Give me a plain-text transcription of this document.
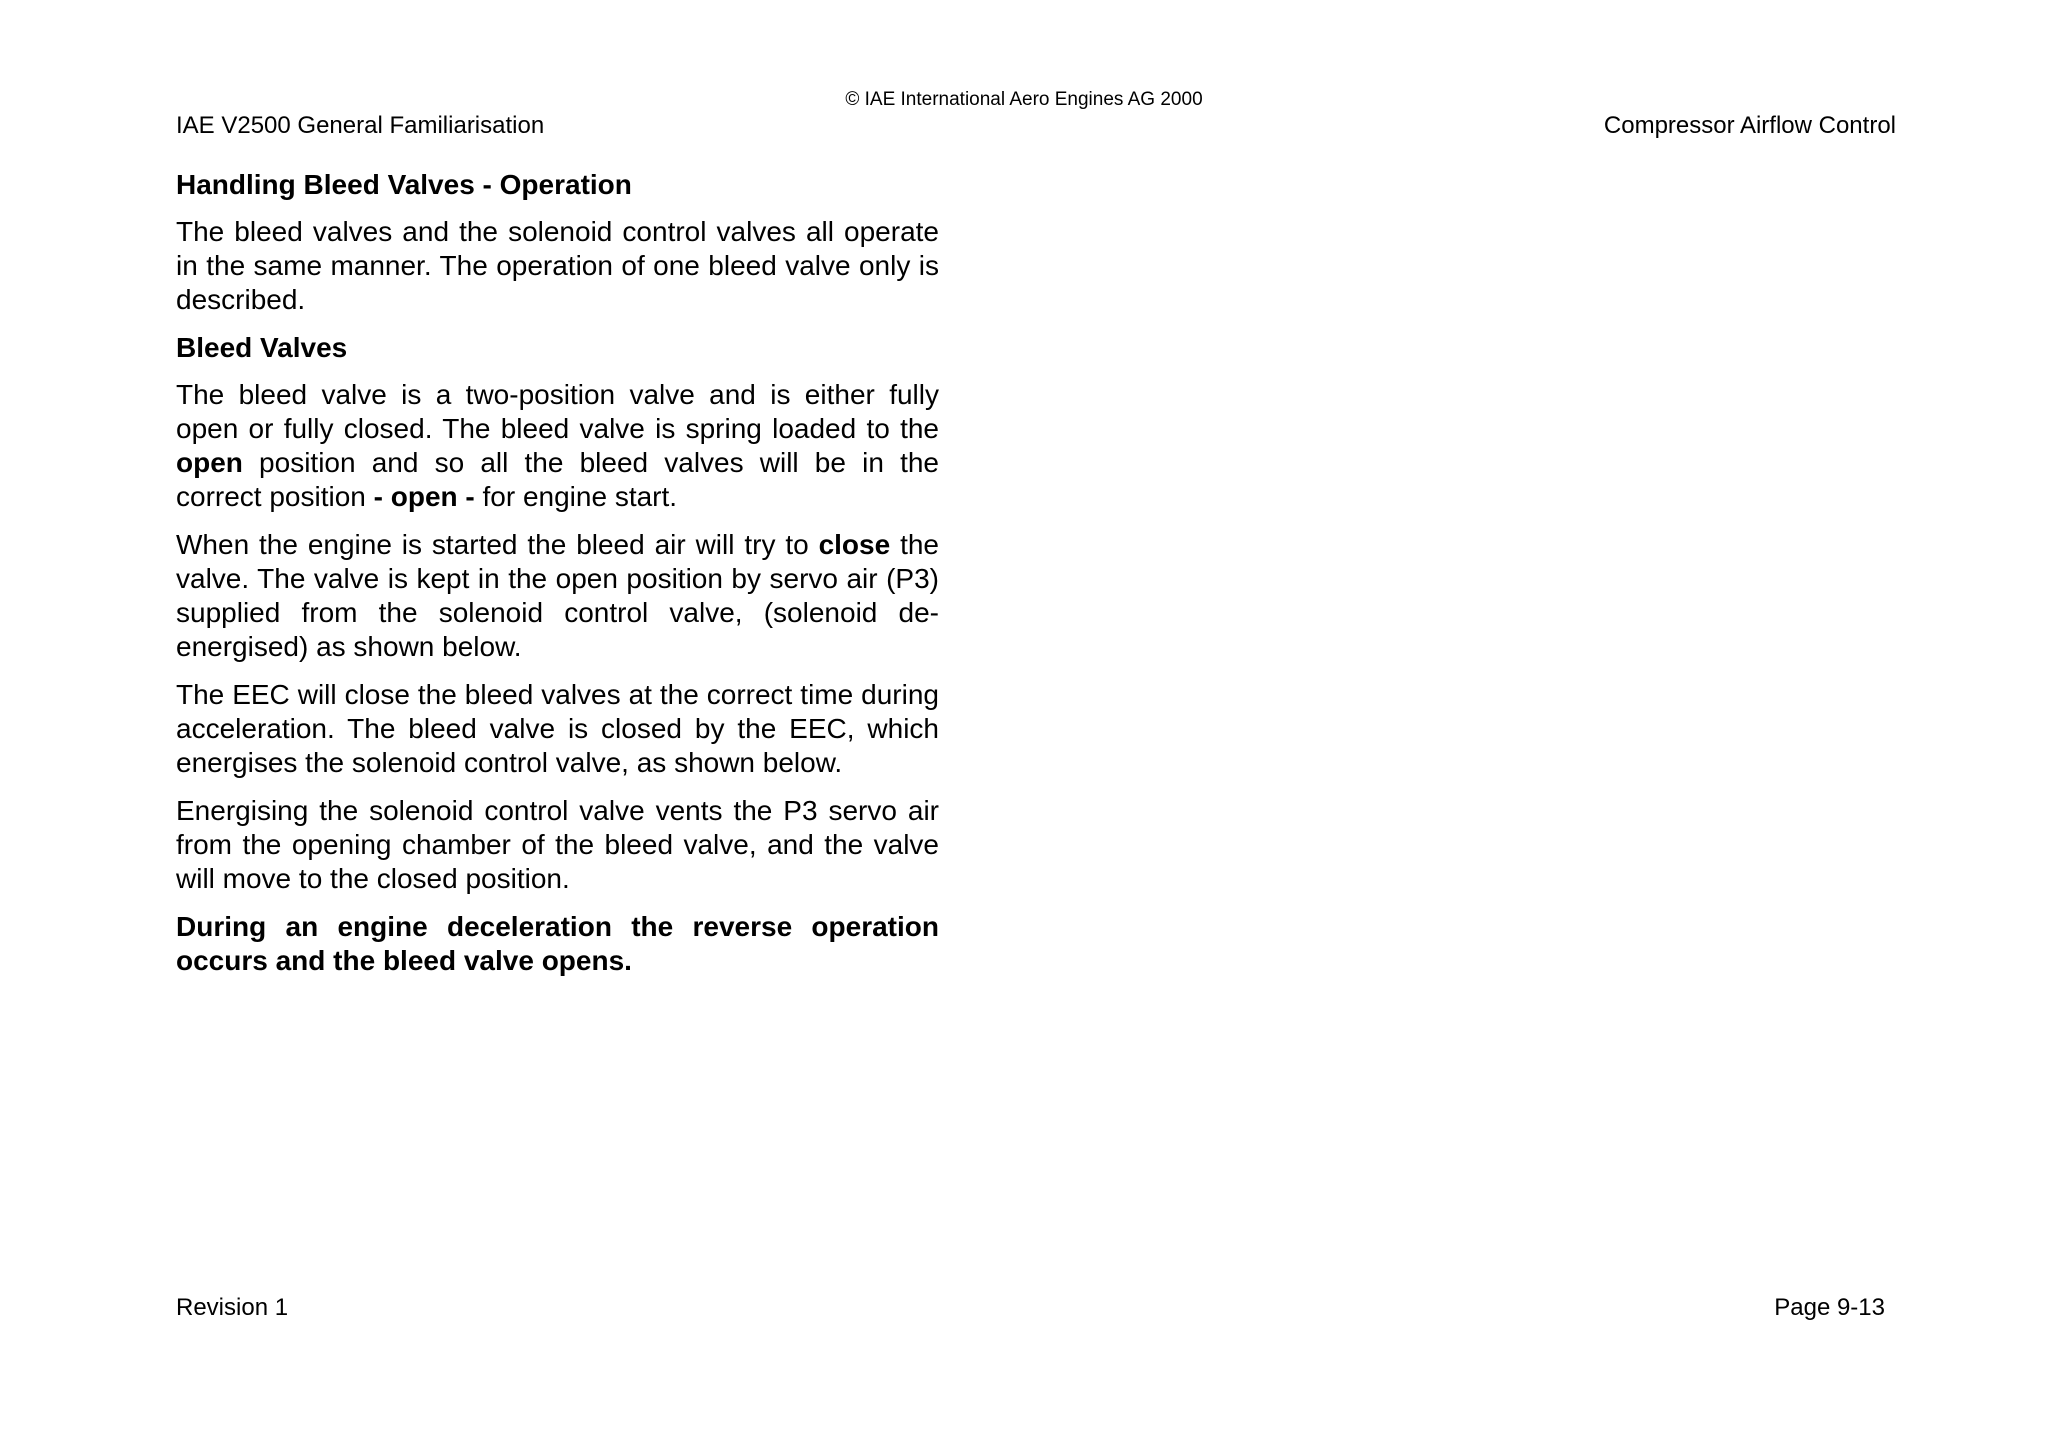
© IAE International Aero Engines AG 2000
IAE V2500 General Familiarisation	Compressor Airflow Control
Handling Bleed Valves - Operation
The bleed valves and the solenoid control valves all operate in the same manner. The operation of one bleed valve only is described.
Bleed Valves
The bleed valve is a two-position valve and is either fully open or fully closed. The bleed valve is spring loaded to the open position and so all the bleed valves will be in the correct position - open - for engine start.
When the engine is started the bleed air will try to close the valve. The valve is kept in the open position by servo air (P3) supplied from the solenoid control valve, (solenoid de-energised) as shown below.
The EEC will close the bleed valves at the correct time during acceleration. The bleed valve is closed by the EEC, which energises the solenoid control valve, as shown below.
Energising the solenoid control valve vents the P3 servo air from the opening chamber of the bleed valve, and the valve will move to the closed position.
During an engine deceleration the reverse operation occurs and the bleed valve opens.
Revision 1	Page 9-13
